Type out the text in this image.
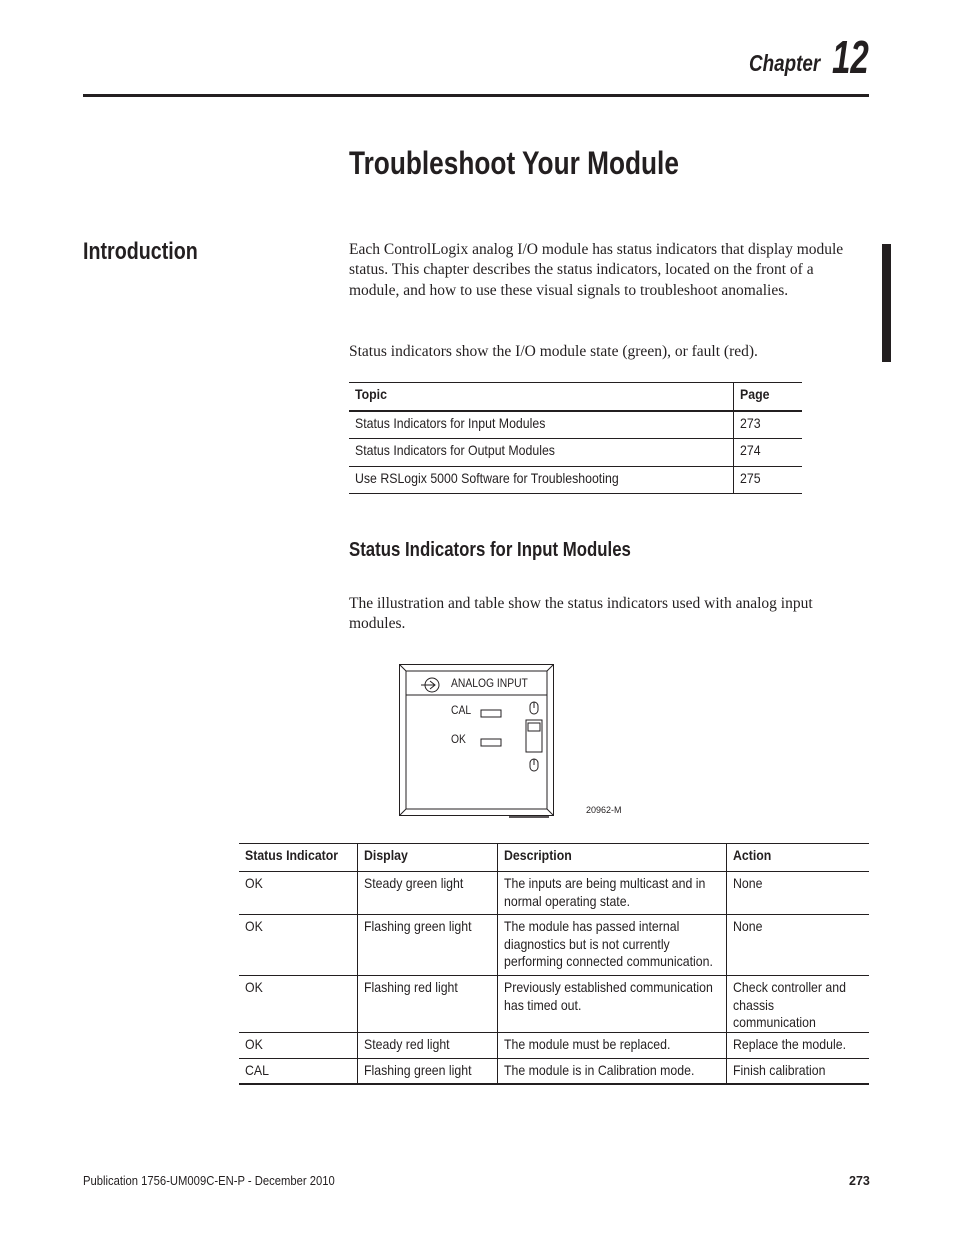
Chapter 12
Troubleshoot Your Module
Introduction	Each ControlLogix analog I/O module has status indicators that display module status. This chapter describes the status indicators, located on the front of a module, and how to use these visual signals to troubleshoot anomalies.
Status indicators show the I/O module state (green), or fault (red).
Topic	Page
Status Indicators for Input Modules	273
Status Indicators for Output Modules	274
Use RSLogix 5000 Software for Troubleshooting	275
Status Indicators for Input Modules
The illustration and table show the status indicators used with analog input modules.
ANALOG INPUT
CAL
OK
20962-M
Status Indicator	Display	Description	Action
OK	Steady green light	The inputs are being multicast and in normal operating state.	None
OK	Flashing green light	The module has passed internal diagnostics but is not currently performing connected communication.	None
OK	Flashing red light	Previously established communication has timed out.	Check controller and chassis communication
OK	Steady red light	The module must be replaced.	Replace the module.
CAL	Flashing green light	The module is in Calibration mode.	Finish calibration
Publication 1756-UM009C-EN-P - December 2010	273
